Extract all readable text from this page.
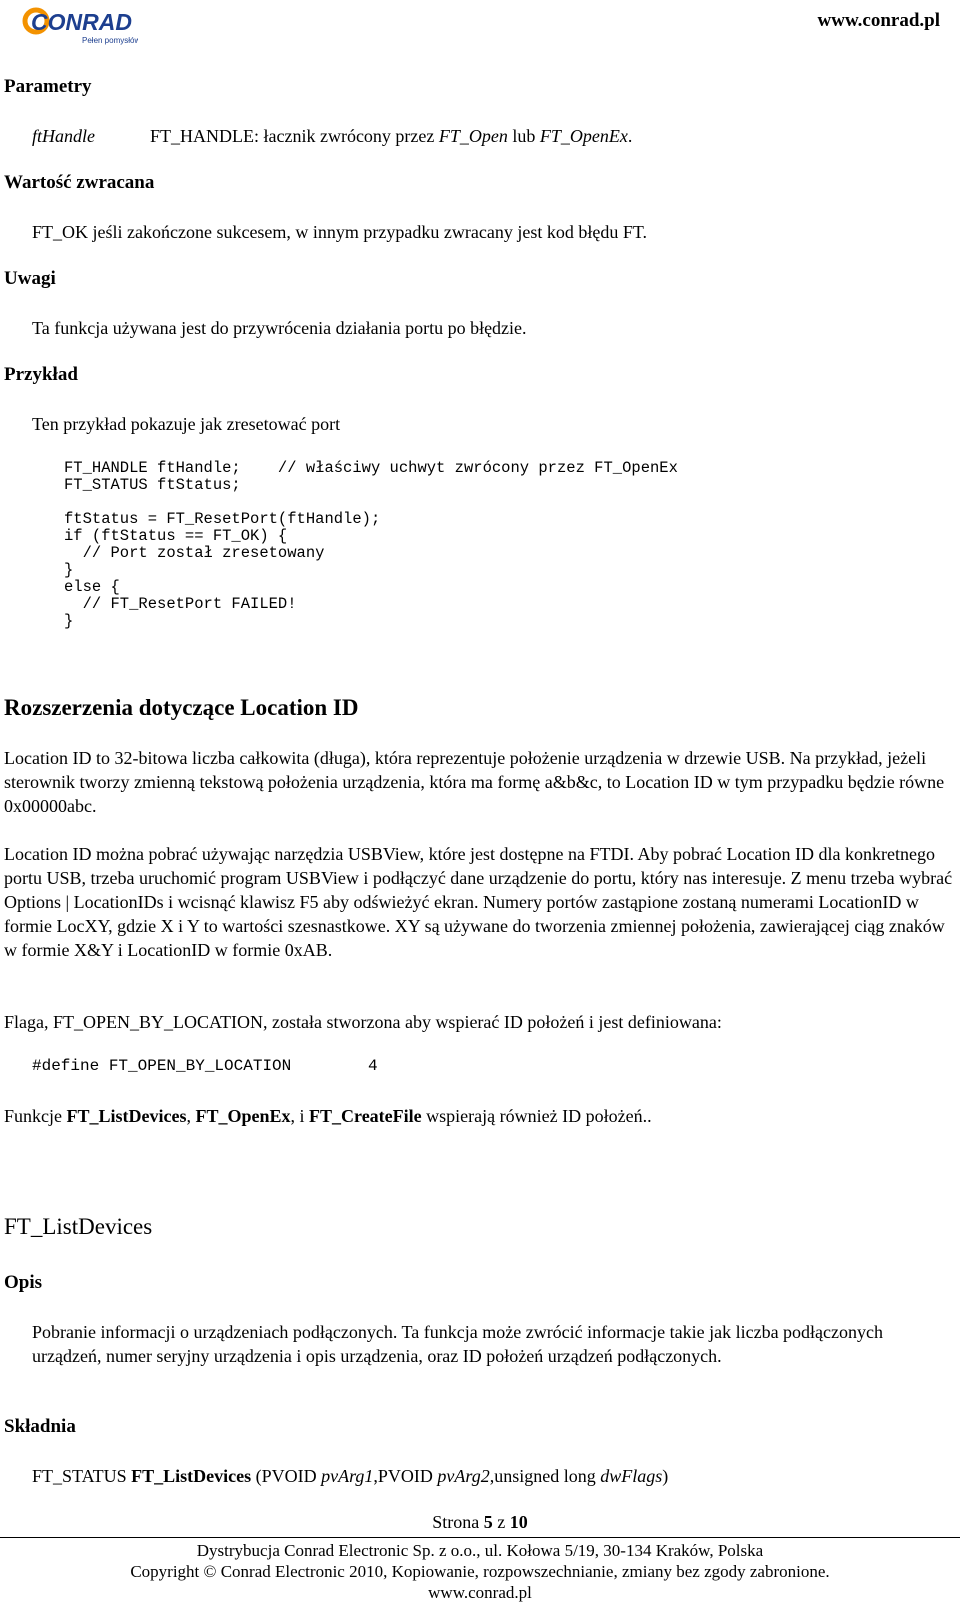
CONRAD
Pełen pomysłów
www.conrad.pl
Parametry
ftHandle	FT_HANDLE: łacznik zwrócony przez FT_Open lub FT_OpenEx.
Wartość zwracana
FT_OK jeśli zakończone sukcesem, w innym przypadku zwracany jest kod błędu FT.
Uwagi
Ta funkcja używana jest do przywrócenia działania portu po błędzie.
Przykład
Ten przykład pokazuje jak zresetować port
FT_HANDLE ftHandle;    // właściwy uchwyt zwrócony przez FT_OpenEx
FT_STATUS ftStatus;
ftStatus = FT_ResetPort(ftHandle);
if (ftStatus == FT_OK) {
// Port został zresetowany
}
else {
// FT_ResetPort FAILED!
}
Rozszerzenia dotyczące Location ID
Location ID to 32-bitowa liczba całkowita (długa), która reprezentuje położenie urządzenia w drzewie USB. Na przykład, jeżeli sterownik tworzy zmienną tekstową położenia urządzenia, która ma formę a&b&c, to Location ID w tym przypadku będzie równe 0x00000abc.
Location ID można pobrać używając narzędzia USBView, które jest dostępne na FTDI. Aby pobrać Location ID dla konkretnego portu USB, trzeba uruchomić program USBView i podłączyć dane urządzenie do portu, który nas interesuje. Z menu trzeba wybrać Options | LocationIDs i wcisnąć klawisz F5 aby odświeżyć ekran. Numery portów zastąpione zostaną numerami LocationID w formie LocXY, gdzie X i Y to wartości szesnastkowe. XY są używane do tworzenia zmiennej położenia, zawierającej ciąg znaków w formie X&Y i LocationID w formie 0xAB.
Flaga, FT_OPEN_BY_LOCATION, została stworzona aby wspierać ID położeń i jest definiowana:
#define FT_OPEN_BY_LOCATION        4
Funkcje FT_ListDevices, FT_OpenEx, i FT_CreateFile wspierają również ID położeń..
FT_ListDevices
Opis
Pobranie informacji o urządzeniach podłączonych. Ta funkcja może zwrócić informacje takie jak liczba podłączonych urządzeń, numer seryjny urządzenia i opis urządzenia, oraz ID położeń urządzeń podłączonych.
Składnia
FT_STATUS FT_ListDevices (PVOID pvArg1,PVOID pvArg2,unsigned long dwFlags)
Strona 5 z 10
Dystrybucja Conrad Electronic Sp. z o.o., ul. Kołowa 5/19, 30-134 Kraków, Polska
Copyright © Conrad Electronic 2010, Kopiowanie, rozpowszechnianie, zmiany bez zgody zabronione.
www.conrad.pl
